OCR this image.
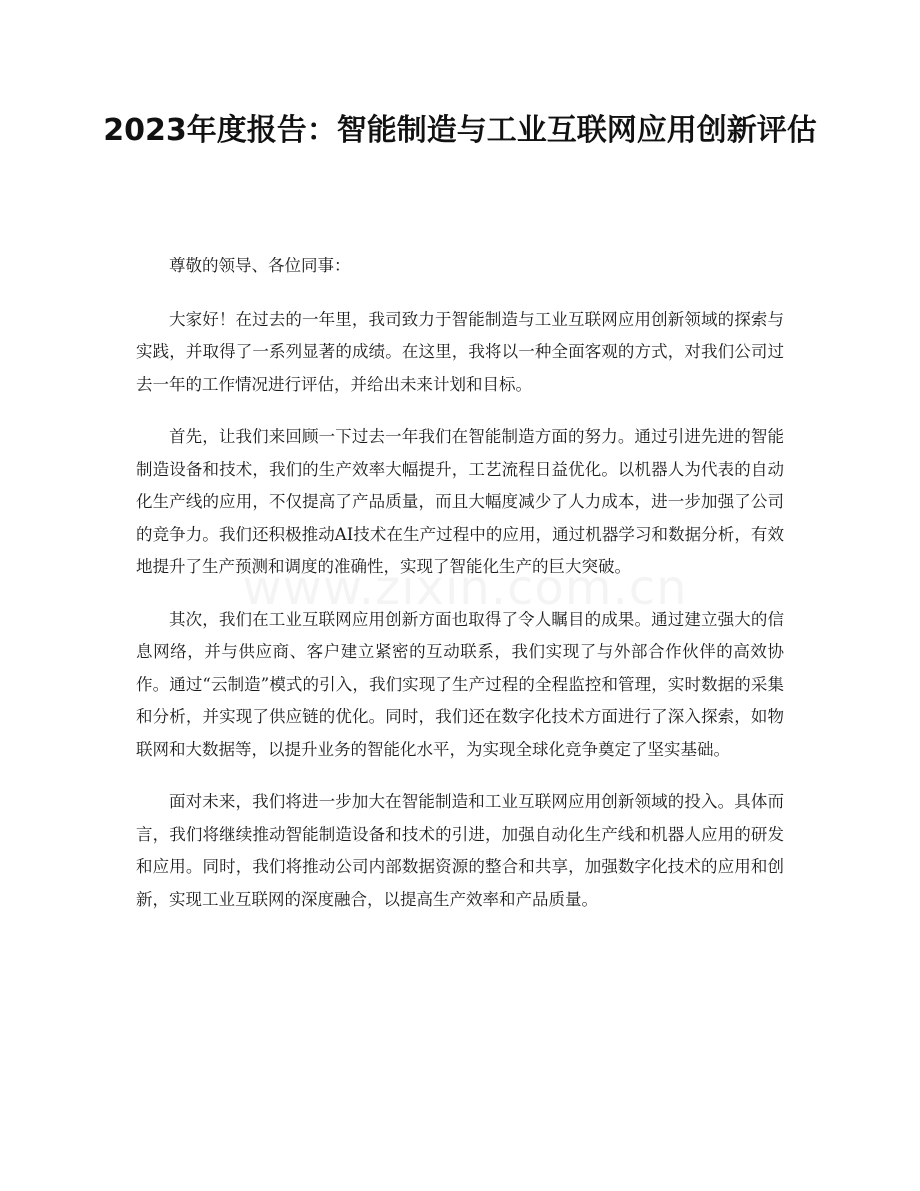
2023年度报告：智能制造与工业互联网应用创新评估

尊敬的领导、各位同事：

大家好！在过去的一年里，我司致力于智能制造与工业互联网应用创新领域的探索与实践，并取得了一系列显著的成绩。在这里，我将以一种全面客观的方式，对我们公司过去一年的工作情况进行评估，并给出未来计划和目标。

首先，让我们来回顾一下过去一年我们在智能制造方面的努力。通过引进先进的智能制造设备和技术，我们的生产效率大幅提升，工艺流程日益优化。以机器人为代表的自动化生产线的应用，不仅提高了产品质量，而且大幅度减少了人力成本，进一步加强了公司的竞争力。我们还积极推动AI技术在生产过程中的应用，通过机器学习和数据分析，有效地提升了生产预测和调度的准确性，实现了智能化生产的巨大突破。

其次，我们在工业互联网应用创新方面也取得了令人瞩目的成果。通过建立强大的信息网络，并与供应商、客户建立紧密的互动联系，我们实现了与外部合作伙伴的高效协作。通过“云制造”模式的引入，我们实现了生产过程的全程监控和管理，实时数据的采集和分析，并实现了供应链的优化。同时，我们还在数字化技术方面进行了深入探索，如物联网和大数据等，以提升业务的智能化水平，为实现全球化竞争奠定了坚实基础。

面对未来，我们将进一步加大在智能制造和工业互联网应用创新领域的投入。具体而言，我们将继续推动智能制造设备和技术的引进，加强自动化生产线和机器人应用的研发和应用。同时，我们将推动公司内部数据资源的整合和共享，加强数字化技术的应用和创新，实现工业互联网的深度融合，以提高生产效率和产品质量。
